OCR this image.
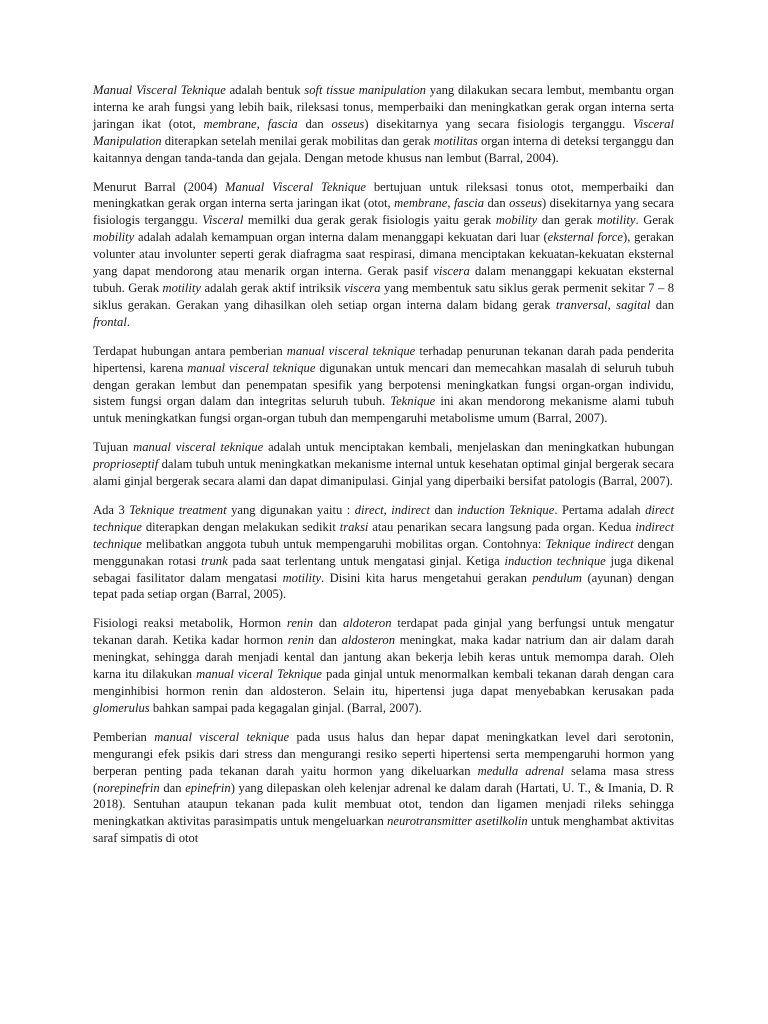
Manual Visceral Teknique adalah bentuk soft tissue manipulation yang dilakukan secara lembut, membantu organ interna ke arah fungsi yang lebih baik, rileksasi tonus, memperbaiki dan meningkatkan gerak organ interna serta jaringan ikat (otot, membrane, fascia dan osseus) disekitarnya yang secara fisiologis terganggu. Visceral Manipulation diterapkan setelah menilai gerak mobilitas dan gerak motilitas organ interna di deteksi terganggu dan kaitannya dengan tanda-tanda dan gejala. Dengan metode khusus nan lembut (Barral, 2004).

Menurut Barral (2004) Manual Visceral Teknique bertujuan untuk rileksasi tonus otot, memperbaiki dan meningkatkan gerak organ interna serta jaringan ikat (otot, membrane, fascia dan osseus) disekitarnya yang secara fisiologis terganggu. Visceral memilki dua gerak gerak fisiologis yaitu gerak mobility dan gerak motility. Gerak mobility adalah adalah kemampuan organ interna dalam menanggapi kekuatan dari luar (eksternal force), gerakan volunter atau involunter seperti gerak diafragma saat respirasi, dimana menciptakan kekuatan-kekuatan eksternal yang dapat mendorong atau menarik organ interna. Gerak pasif viscera dalam menanggapi kekuatan eksternal tubuh. Gerak motility adalah gerak aktif intriksik viscera yang membentuk satu siklus gerak permenit sekitar 7 – 8 siklus gerakan. Gerakan yang dihasilkan oleh setiap organ interna dalam bidang gerak tranversal, sagital dan frontal.

Terdapat hubungan antara pemberian manual visceral teknique terhadap penurunan tekanan darah pada penderita hipertensi, karena manual visceral teknique digunakan untuk mencari dan memecahkan masalah di seluruh tubuh dengan gerakan lembut dan penempatan spesifik yang berpotensi meningkatkan fungsi organ-organ individu, sistem fungsi organ dalam dan integritas seluruh tubuh. Teknique ini akan mendorong mekanisme alami tubuh untuk meningkatkan fungsi organ-organ tubuh dan mempengaruhi metabolisme umum (Barral, 2007).

Tujuan manual visceral teknique adalah untuk menciptakan kembali, menjelaskan dan meningkatkan hubungan proprioseptif dalam tubuh untuk meningkatkan mekanisme internal untuk kesehatan optimal ginjal bergerak secara alami ginjal bergerak secara alami dan dapat dimanipulasi. Ginjal yang diperbaiki bersifat patologis (Barral, 2007).

Ada 3 Teknique treatment yang digunakan yaitu : direct, indirect dan induction Teknique. Pertama adalah direct technique diterapkan dengan melakukan sedikit traksi atau penarikan secara langsung pada organ. Kedua indirect technique melibatkan anggota tubuh untuk mempengaruhi mobilitas organ. Contohnya: Teknique indirect dengan menggunakan rotasi trunk pada saat terlentang untuk mengatasi ginjal. Ketiga induction technique juga dikenal sebagai fasilitator dalam mengatasi motility. Disini kita harus mengetahui gerakan pendulum (ayunan) dengan tepat pada setiap organ (Barral, 2005).

Fisiologi reaksi metabolik, Hormon renin dan aldoteron terdapat pada ginjal yang berfungsi untuk mengatur tekanan darah. Ketika kadar hormon renin dan aldosteron meningkat, maka kadar natrium dan air dalam darah meningkat, sehingga darah menjadi kental dan jantung akan bekerja lebih keras untuk memompa darah. Oleh karna itu dilakukan manual viceral Teknique pada ginjal untuk menormalkan kembali tekanan darah dengan cara menginhibisi hormon renin dan aldosteron. Selain itu, hipertensi juga dapat menyebabkan kerusakan pada glomerulus bahkan sampai pada kegagalan ginjal. (Barral, 2007).

Pemberian manual visceral teknique pada usus halus dan hepar dapat meningkatkan level dari serotonin, mengurangi efek psikis dari stress dan mengurangi resiko seperti hipertensi serta mempengaruhi hormon yang berperan penting pada tekanan darah yaitu hormon yang dikeluarkan medulla adrenal selama masa stress (norepinefrin dan epinefrin) yang dilepaskan oleh kelenjar adrenal ke dalam darah (Hartati, U. T., & Imania, D. R 2018). Sentuhan ataupun tekanan pada kulit membuat otot, tendon dan ligamen menjadi rileks sehingga meningkatkan aktivitas parasimpatis untuk mengeluarkan neurotransmitter asetilkolin untuk menghambat aktivitas saraf simpatis di otot
